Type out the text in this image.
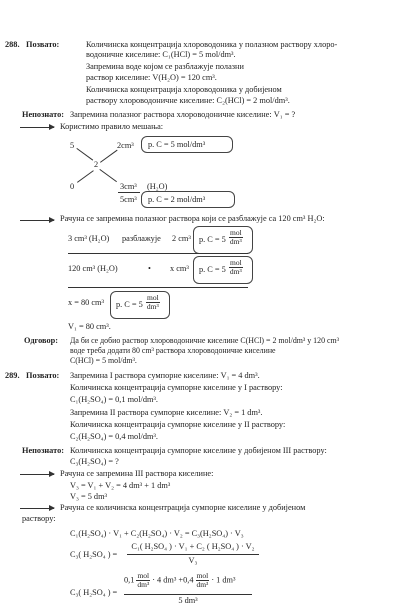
288. Позвато:	Количинска концентрација хлороводоника у полазном раствору хлоро-
водоничне киселине: C₁(HCl) = 5 mol/dm³.
Запремина воде којом се разблажује полазни
раствор киселине: V(H₂O) = 120 cm³.
Количинска концентрација хлороводоника у добијеном
раствору хлороводоничне киселине: C₂(HCl) = 2 mol/dm³.
Непознато: Запремина полазног раствора хлороводоничне киселине: V₁ = ?
Користимо правило мешања:
5	2cm³ p. C = 5 mol/dm³
2
0	3cm³ (H₂O)
5cm³ p. C = 2 mol/dm³
Рачуна се запремина полазног раствора који се разблажује са 120 cm³ H₂O:
3 cm³ (H₂O) разблажује 2 cm³ p. $C = 5 \frac{\text{mol}}{\text{dm³}}$
120 cm³ (H₂O)	• x cm³ p. $C = 5 \frac{\text{mol}}{\text{dm³}}$
x = 80 cm³ p. $C = 5 \frac{\text{mol}}{\text{dm³}}$
V₁ = 80 cm³.
Одговор: Да би се добио раствор хлороводоничне киселине C(HCl) = 2 mol/dm³ у 120 cm³
воде треба додати 80 cm³ раствора хлороводоничне киселине
C(HCl) = 5 mol/dm³.
289. Позвато: Запремина I раствора сумпорне киселине: V₁ = 4 dm³.
Количинска концентрација сумпорне киселине у I раствору:
C₁(H₂SO₄) = 0,1 mol/dm³.
Запремина II раствора сумпорне киселине: V₂ = 1 dm³.
Количинска концентрација сумпорне киселине у II раствору:
C₂(H₂SO₄) = 0,4 mol/dm³.
Непознато: Количинска концентрација сумпорне киселине у добијеном III раствору:
C₃(H₂SO₄) = ?
Рачуна се запремина III раствора киселине:
V₃ = V₁ + V₂ = 4 dm³ + 1 dm³
V₃ = 5 dm³
Рачуна се количинска концентрација сумпорне киселине у добијеном
раствору:
C₁(H₂SO₄) · V₁ + C₂(H₂SO₄) · V₂ = C₃(H₂SO₄) · V₃
C₃( H₂SO₄ ) =
C₁( H₂SO₄ ) · V₁ + C₂ ( H₂SO₄ ) · V₂
V₃
C₃( H₂SO₄ ) =
$0,1 \frac{\text{mol}}{\text{dm³}} \cdot 4$ $dm^3 +0,4 \frac{\text{mol}}{\text{dm³}} \cdot 1$ dm³
5 dm³
